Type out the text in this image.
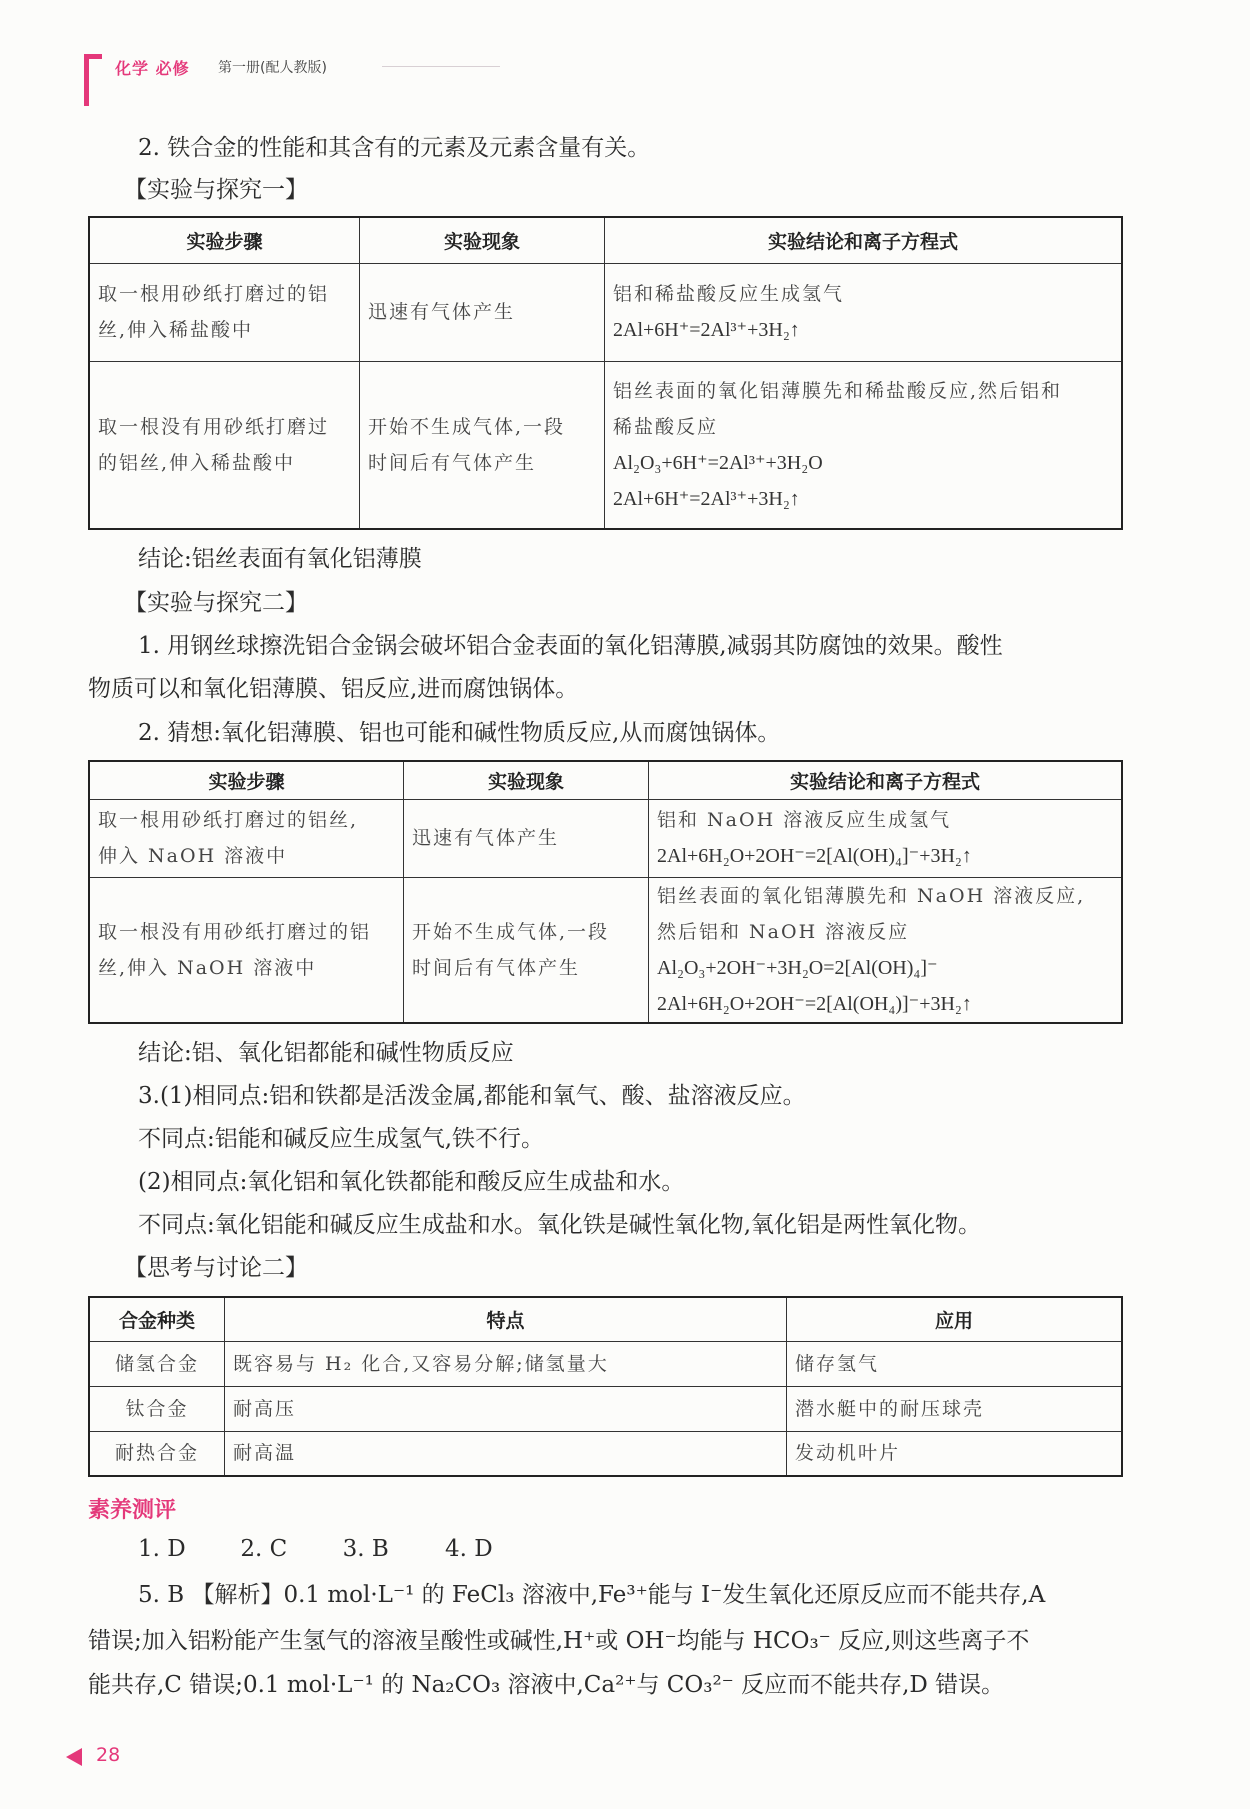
化学 必修 第一册(配人教版)
2. 铁合金的性能和其含有的元素及元素含量有关。
【实验与探究一】
实验步骤	实验现象	实验结论和离子方程式

取一根用砂纸打磨过的铝
丝,伸入稀盐酸中	迅速有气体产生	铝和稀盐酸反应生成氢气
2Al+6H⁺=2Al³⁺+3H₂↑

取一根没有用砂纸打磨过
的铝丝,伸入稀盐酸中	开始不生成气体,一段
时间后有气体产生	铝丝表面的氧化铝薄膜先和稀盐酸反应,然后铝和
稀盐酸反应
Al₂O₃+6H⁺=2Al³⁺+3H₂O
2Al+6H⁺=2Al³⁺+3H₂↑
结论:铝丝表面有氧化铝薄膜
【实验与探究二】
1. 用钢丝球擦洗铝合金锅会破坏铝合金表面的氧化铝薄膜,减弱其防腐蚀的效果。酸性
物质可以和氧化铝薄膜、铝反应,进而腐蚀锅体。
2. 猜想:氧化铝薄膜、铝也可能和碱性物质反应,从而腐蚀锅体。
实验步骤	实验现象	实验结论和离子方程式

取一根用砂纸打磨过的铝丝,
伸入 NaOH 溶液中	迅速有气体产生	铝和 NaOH 溶液反应生成氢气
2Al+6H₂O+2OH⁻=2[Al(OH)₄]⁻+3H₂↑

取一根没有用砂纸打磨过的铝
丝,伸入 NaOH 溶液中	开始不生成气体,一段
时间后有气体产生	铝丝表面的氧化铝薄膜先和 NaOH 溶液反应,
然后铝和 NaOH 溶液反应
Al₂O₃+2OH⁻+3H₂O=2[Al(OH)₄]⁻
2Al+6H₂O+2OH⁻=2[Al(OH₄)]⁻+3H₂↑
结论:铝、氧化铝都能和碱性物质反应
3.(1)相同点:铝和铁都是活泼金属,都能和氧气、酸、盐溶液反应。
不同点:铝能和碱反应生成氢气,铁不行。
(2)相同点:氧化铝和氧化铁都能和酸反应生成盐和水。
不同点:氧化铝能和碱反应生成盐和水。氧化铁是碱性氧化物,氧化铝是两性氧化物。
【思考与讨论二】
合金种类	特点	应用
储氢合金	既容易与 H₂ 化合,又容易分解;储氢量大	储存氢气
钛合金	耐高压	潜水艇中的耐压球壳
耐热合金	耐高温	发动机叶片
素养测评
1. D 2. C 3. B 4. D
5. B 【解析】0.1 mol·L⁻¹ 的 FeCl₃ 溶液中,Fe³⁺能与 I⁻发生氧化还原反应而不能共存,A
错误;加入铝粉能产生氢气的溶液呈酸性或碱性,H⁺或 OH⁻均能与 HCO₃⁻ 反应,则这些离子不
能共存,C 错误;0.1 mol·L⁻¹ 的 Na₂CO₃ 溶液中,Ca²⁺与 CO₃²⁻ 反应而不能共存,D 错误。
28
